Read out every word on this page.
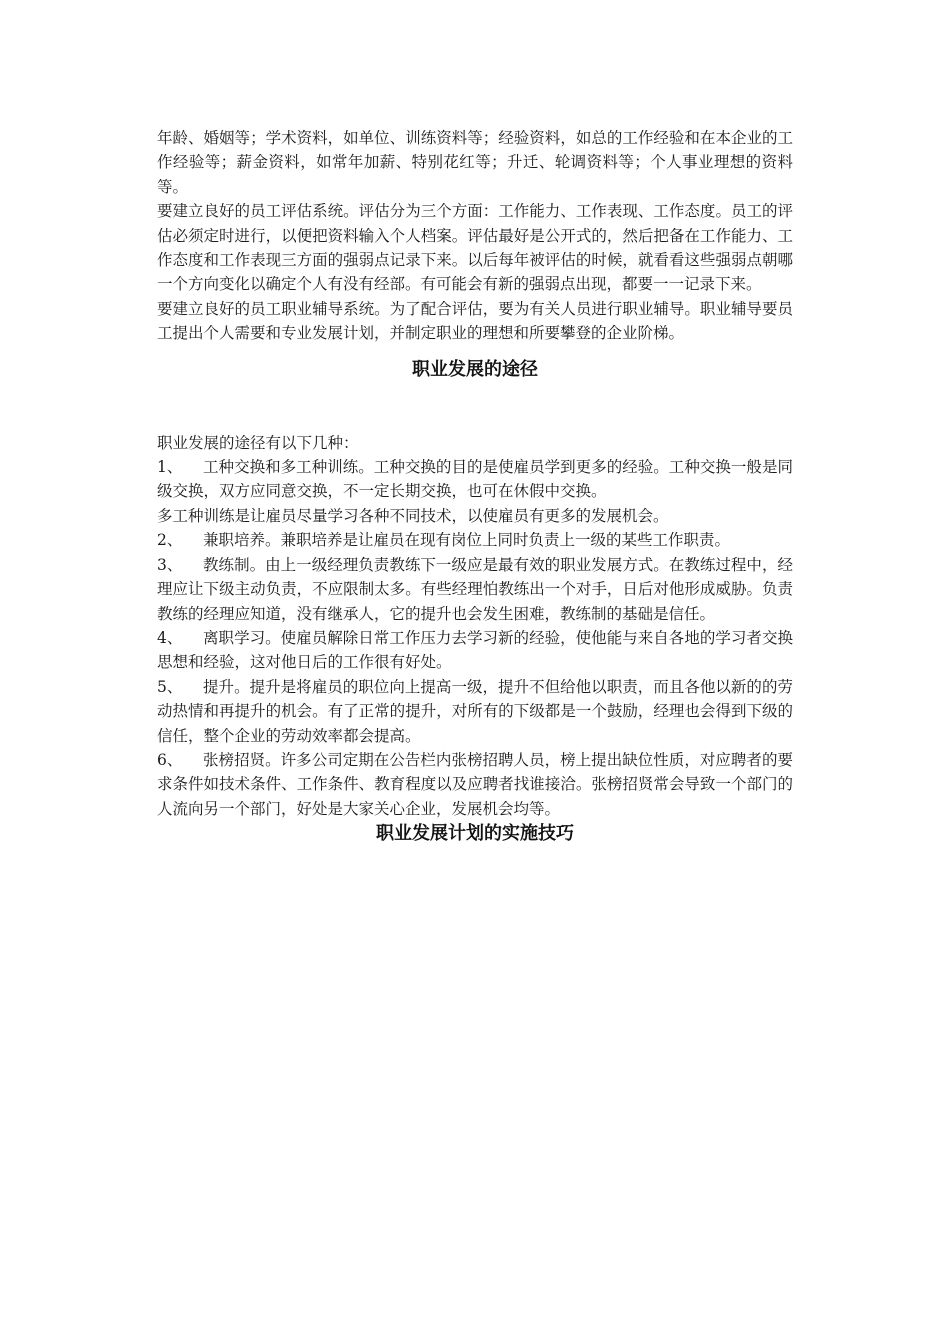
年龄、婚姻等；学术资料，如单位、训练资料等；经验资料，如总的工作经验和在本企业的工作经验等；薪金资料，如常年加薪、特别花红等；升迁、轮调资料等；个人事业理想的资料等。

要建立良好的员工评估系统。评估分为三个方面：工作能力、工作表现、工作态度。员工的评估必须定时进行，以便把资料输入个人档案。评估最好是公开式的，然后把备在工作能力、工作态度和工作表现三方面的强弱点记录下来。以后每年被评估的时候，就看看这些强弱点朝哪一个方向变化以确定个人有没有经部。有可能会有新的强弱点出现，都要一一记录下来。

要建立良好的员工职业辅导系统。为了配合评估，要为有关人员进行职业辅导。职业辅导要员工提出个人需要和专业发展计划，并制定职业的理想和所要攀登的企业阶梯。

职业发展的途径

职业发展的途径有以下几种：

1、 工种交换和多工种训练。工种交换的目的是使雇员学到更多的经验。工种交换一般是同级交换，双方应同意交换，不一定长期交换，也可在休假中交换。

多工种训练是让雇员尽量学习各种不同技术，以使雇员有更多的发展机会。

2、 兼职培养。兼职培养是让雇员在现有岗位上同时负责上一级的某些工作职责。

3、 教练制。由上一级经理负责教练下一级应是最有效的职业发展方式。在教练过程中，经理应让下级主动负责，不应限制太多。有些经理怕教练出一个对手，日后对他形成威胁。负责教练的经理应知道，没有继承人，它的提升也会发生困难，教练制的基础是信任。

4、 离职学习。使雇员解除日常工作压力去学习新的经验，使他能与来自各地的学习者交换思想和经验，这对他日后的工作很有好处。

5、 提升。提升是将雇员的职位向上提高一级，提升不但给他以职责，而且各他以新的的劳动热情和再提升的机会。有了正常的提升，对所有的下级都是一个鼓励，经理也会得到下级的信任，整个企业的劳动效率都会提高。

6、 张榜招贤。许多公司定期在公告栏内张榜招聘人员，榜上提出缺位性质，对应聘者的要求条件如技术条件、工作条件、教育程度以及应聘者找谁接洽。张榜招贤常会导致一个部门的人流向另一个部门，好处是大家关心企业，发展机会均等。

职业发展计划的实施技巧
